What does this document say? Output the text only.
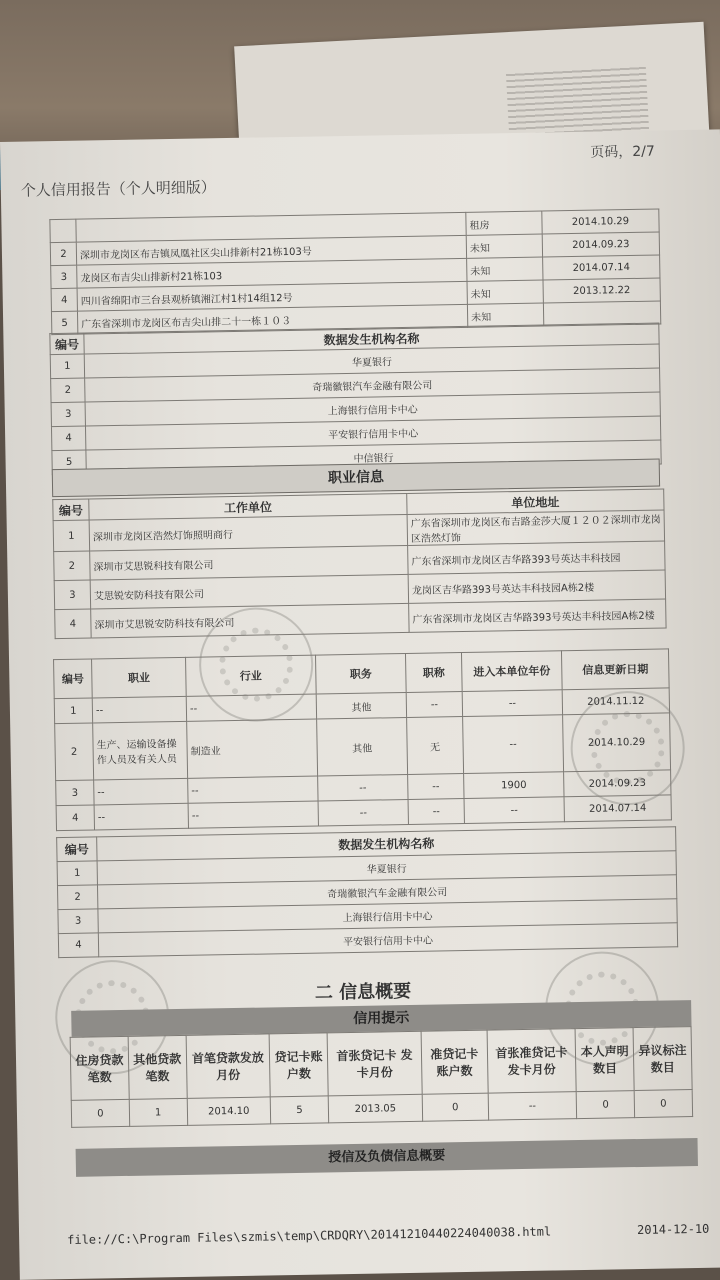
页码，2/7
个人信用报告（个人明细版）
		租房	2014.10.29
2	深圳市龙岗区布吉镇凤凰社区尖山排新村21栋103号	未知	2014.09.23
3	龙岗区布吉尖山排新村21栋103	未知	2014.07.14
4	四川省绵阳市三台县观桥镇湘江村1村14组12号	未知	2013.12.22
5	广东省深圳市龙岗区布吉尖山排二十一栋１０３	未知	
编号	数据发生机构名称
1	华夏银行
2	奇瑞徽银汽车金融有限公司
3	上海银行信用卡中心
4	平安银行信用卡中心
5	中信银行
职业信息
编号	工作单位	单位地址
1	深圳市龙岗区浩然灯饰照明商行	广东省深圳市龙岗区布吉路金莎大厦１２０２深圳市龙岗区浩然灯饰
2	深圳市艾思锐科技有限公司	广东省深圳市龙岗区吉华路393号英达丰科技园
3	艾思锐安防科技有限公司	龙岗区吉华路393号英达丰科技园A栋2楼
4	深圳市艾思锐安防科技有限公司	广东省深圳市龙岗区吉华路393号英达丰科技园A栋2楼
编号	职业	行业	职务	职称	进入本单位年份	信息更新日期
1	--	--	其他	--	--	2014.11.12
2	生产、运输设备操作人员及有关人员	制造业	其他	无	--	2014.10.29
3	--	--	--	--	1900	2014.09.23
4	--	--	--	--	--	2014.07.14
编号	数据发生机构名称
1	华夏银行
2	奇瑞徽银汽车金融有限公司
3	上海银行信用卡中心
4	平安银行信用卡中心
二 信息概要
信用提示
住房贷款笔数	其他贷款笔数	首笔贷款发放月份	贷记卡账户数	首张贷记卡 发卡月份	准贷记卡账户数	首张准贷记卡发卡月份	本人声明数目	异议标注数目
0	1	2014.10	5	2013.05	0	--	0	0
授信及负债信息概要
file://C:\Program Files\szmis\temp\CRDQRY\20141210440224040038.html	2014-12-10
